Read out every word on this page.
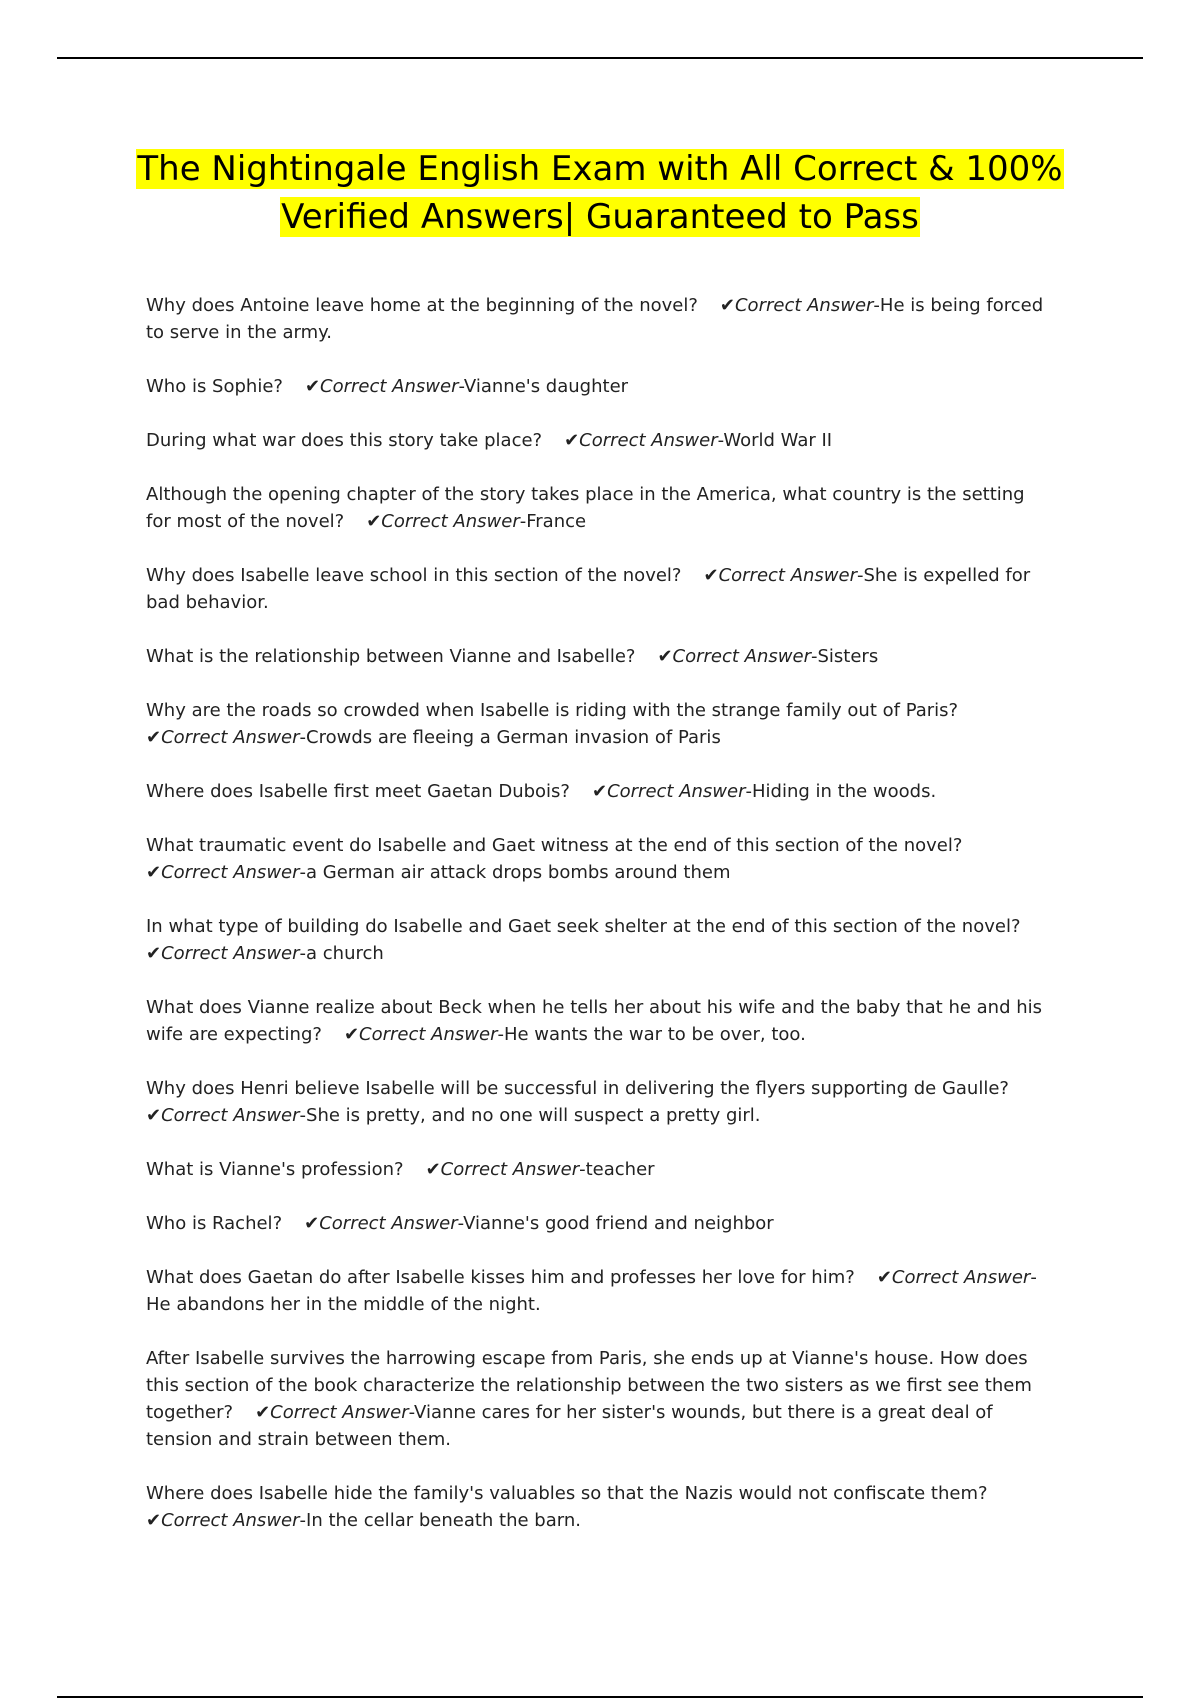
The Nightingale English Exam with All Correct & 100%
Verified Answers| Guaranteed to Pass

Why does Antoine leave home at the beginning of the novel? ✔Correct Answer-He is being forced to serve in the army.

Who is Sophie? ✔Correct Answer-Vianne's daughter

During what war does this story take place? ✔Correct Answer-World War II

Although the opening chapter of the story takes place in the America, what country is the setting for most of the novel? ✔Correct Answer-France

Why does Isabelle leave school in this section of the novel? ✔Correct Answer-She is expelled for bad behavior.

What is the relationship between Vianne and Isabelle? ✔Correct Answer-Sisters

Why are the roads so crowded when Isabelle is riding with the strange family out of Paris?✔Correct Answer-Crowds are fleeing a German invasion of Paris

Where does Isabelle first meet Gaetan Dubois? ✔Correct Answer-Hiding in the woods.

What traumatic event do Isabelle and Gaet witness at the end of this section of the novel?✔Correct Answer-a German air attack drops bombs around them

In what type of building do Isabelle and Gaet seek shelter at the end of this section of the novel?✔Correct Answer-a church

What does Vianne realize about Beck when he tells her about his wife and the baby that he and his wife are expecting? ✔Correct Answer-He wants the war to be over, too.

Why does Henri believe Isabelle will be successful in delivering the flyers supporting de Gaulle?✔Correct Answer-She is pretty, and no one will suspect a pretty girl.

What is Vianne's profession? ✔Correct Answer-teacher

Who is Rachel? ✔Correct Answer-Vianne's good friend and neighbor

What does Gaetan do after Isabelle kisses him and professes her love for him? ✔Correct Answer-He abandons her in the middle of the night.

After Isabelle survives the harrowing escape from Paris, she ends up at Vianne's house. How does this section of the book characterize the relationship between the two sisters as we first see them together? ✔Correct Answer-Vianne cares for her sister's wounds, but there is a great deal of tension and strain between them.

Where does Isabelle hide the family's valuables so that the Nazis would not confiscate them?✔Correct Answer-In the cellar beneath the barn.
